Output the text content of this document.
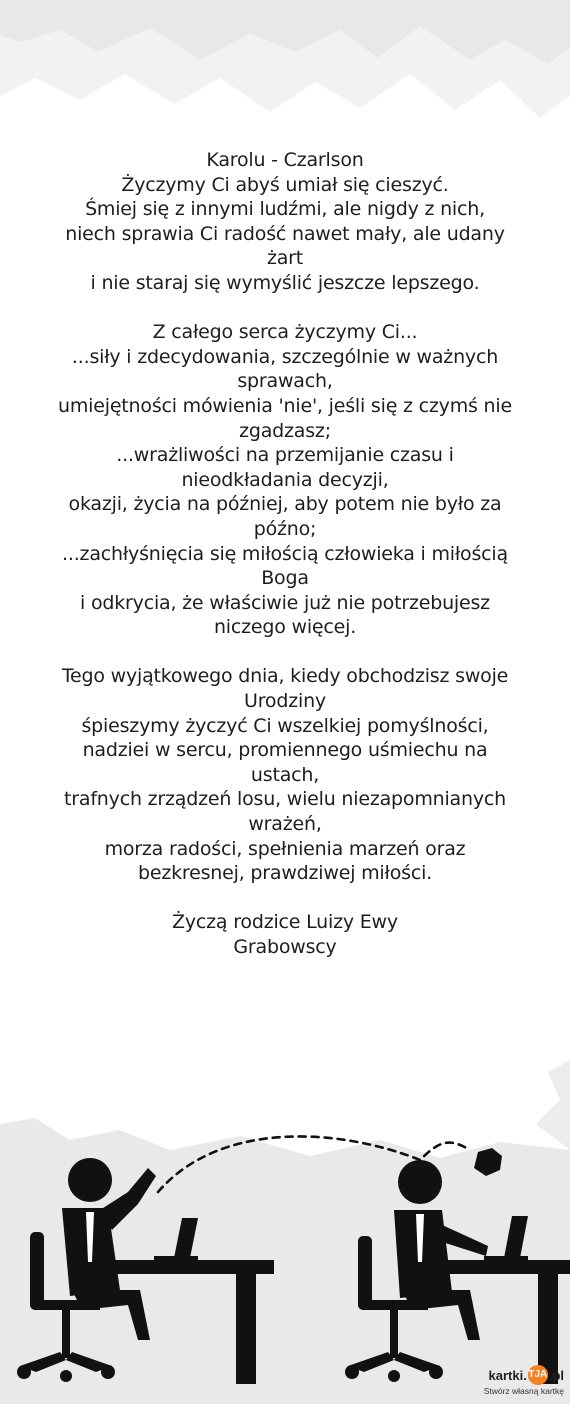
Karolu - Czarlson
Życzymy Ci abyś umiał się cieszyć.
Śmiej się z innymi ludźmi, ale nigdy z nich,
niech sprawia Ci radość nawet mały, ale udany
żart
i nie staraj się wymyślić jeszcze lepszego.
Z całego serca życzymy Ci...
...siły i zdecydowania, szczególnie w ważnych
sprawach,
umiejętności mówienia 'nie', jeśli się z czymś nie
zgadzasz;
...wrażliwości na przemijanie czasu i
nieodkładania decyzji,
okazji, życia na później, aby potem nie było za
późno;
...zachłyśnięcia się miłością człowieka i miłością
Boga
i odkrycia, że właściwie już nie potrzebujesz
niczego więcej.
Tego wyjątkowego dnia, kiedy obchodzisz swoje
Urodziny
śpieszymy życzyć Ci wszelkiej pomyślności,
nadziei w sercu, promiennego uśmiechu na
ustach,
trafnych zrządzeń losu, wielu niezapomnianych
wrażeń,
morza radości, spełnienia marzeń oraz
bezkresnej, prawdziwej miłości.
Życzą rodzice Luizy Ewy
Grabowscy
kartki. TJA .pl
Stwórz własną kartkę
